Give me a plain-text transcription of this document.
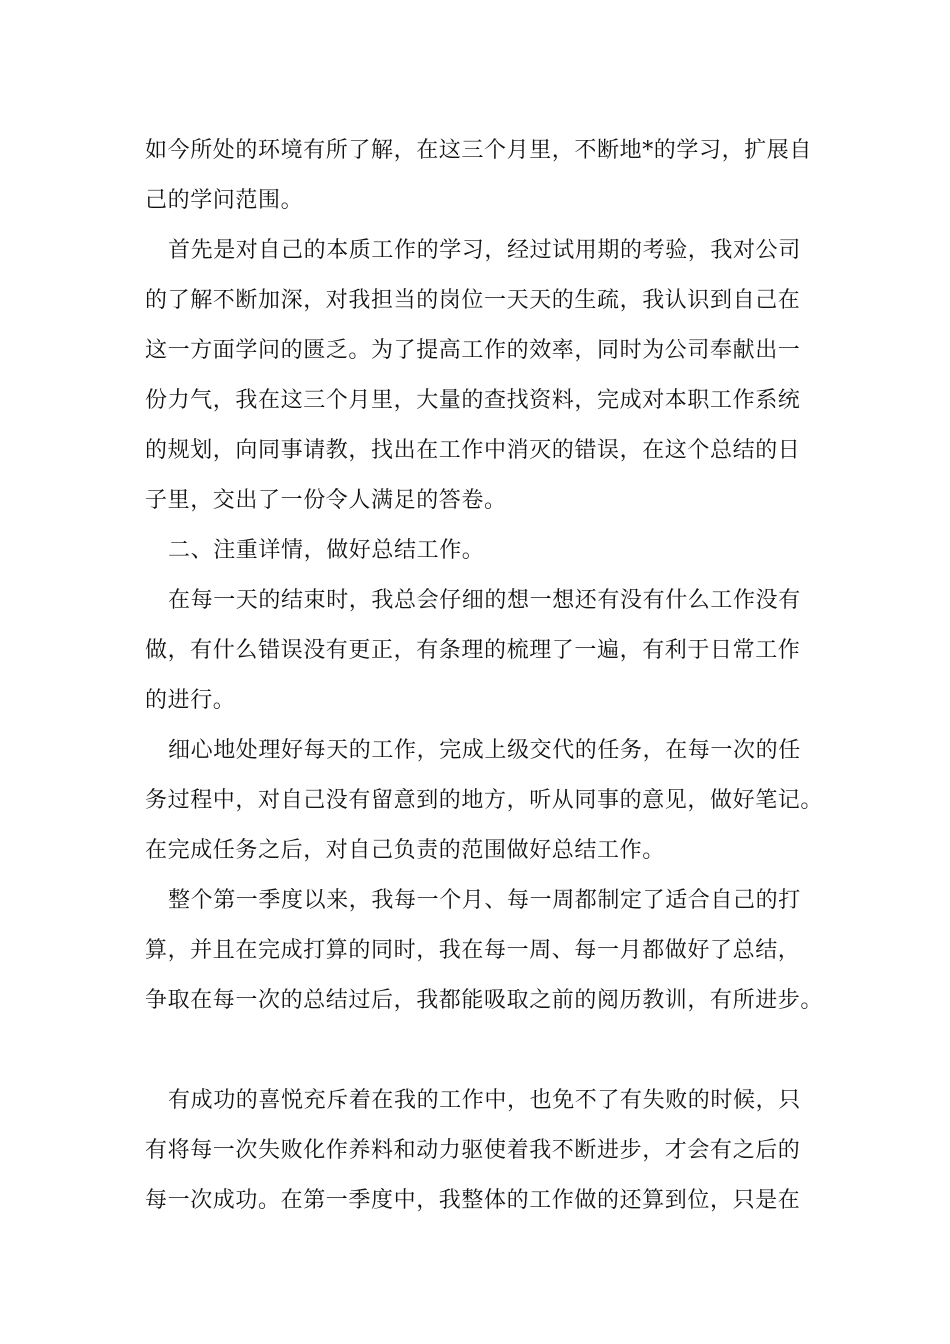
如今所处的环境有所了解，在这三个月里，不断地*的学习，扩展自
己的学问范围。
首先是对自己的本质工作的学习，经过试用期的考验，我对公司
的了解不断加深，对我担当的岗位一天天的生疏，我认识到自己在
这一方面学问的匮乏。为了提高工作的效率，同时为公司奉献出一
份力气，我在这三个月里，大量的查找资料，完成对本职工作系统
的规划，向同事请教，找出在工作中消灭的错误，在这个总结的日
子里，交出了一份令人满足的答卷。
二、注重详情，做好总结工作。
在每一天的结束时，我总会仔细的想一想还有没有什么工作没有
做，有什么错误没有更正，有条理的梳理了一遍，有利于日常工作
的进行。
细心地处理好每天的工作，完成上级交代的任务，在每一次的任
务过程中，对自己没有留意到的地方，听从同事的意见，做好笔记。
在完成任务之后，对自己负责的范围做好总结工作。
整个第一季度以来，我每一个月、每一周都制定了适合自己的打
算，并且在完成打算的同时，我在每一周、每一月都做好了总结，
争取在每一次的总结过后，我都能吸取之前的阅历教训，有所进步。
有成功的喜悦充斥着在我的工作中，也免不了有失败的时候，只
有将每一次失败化作养料和动力驱使着我不断进步，才会有之后的
每一次成功。在第一季度中，我整体的工作做的还算到位，只是在
